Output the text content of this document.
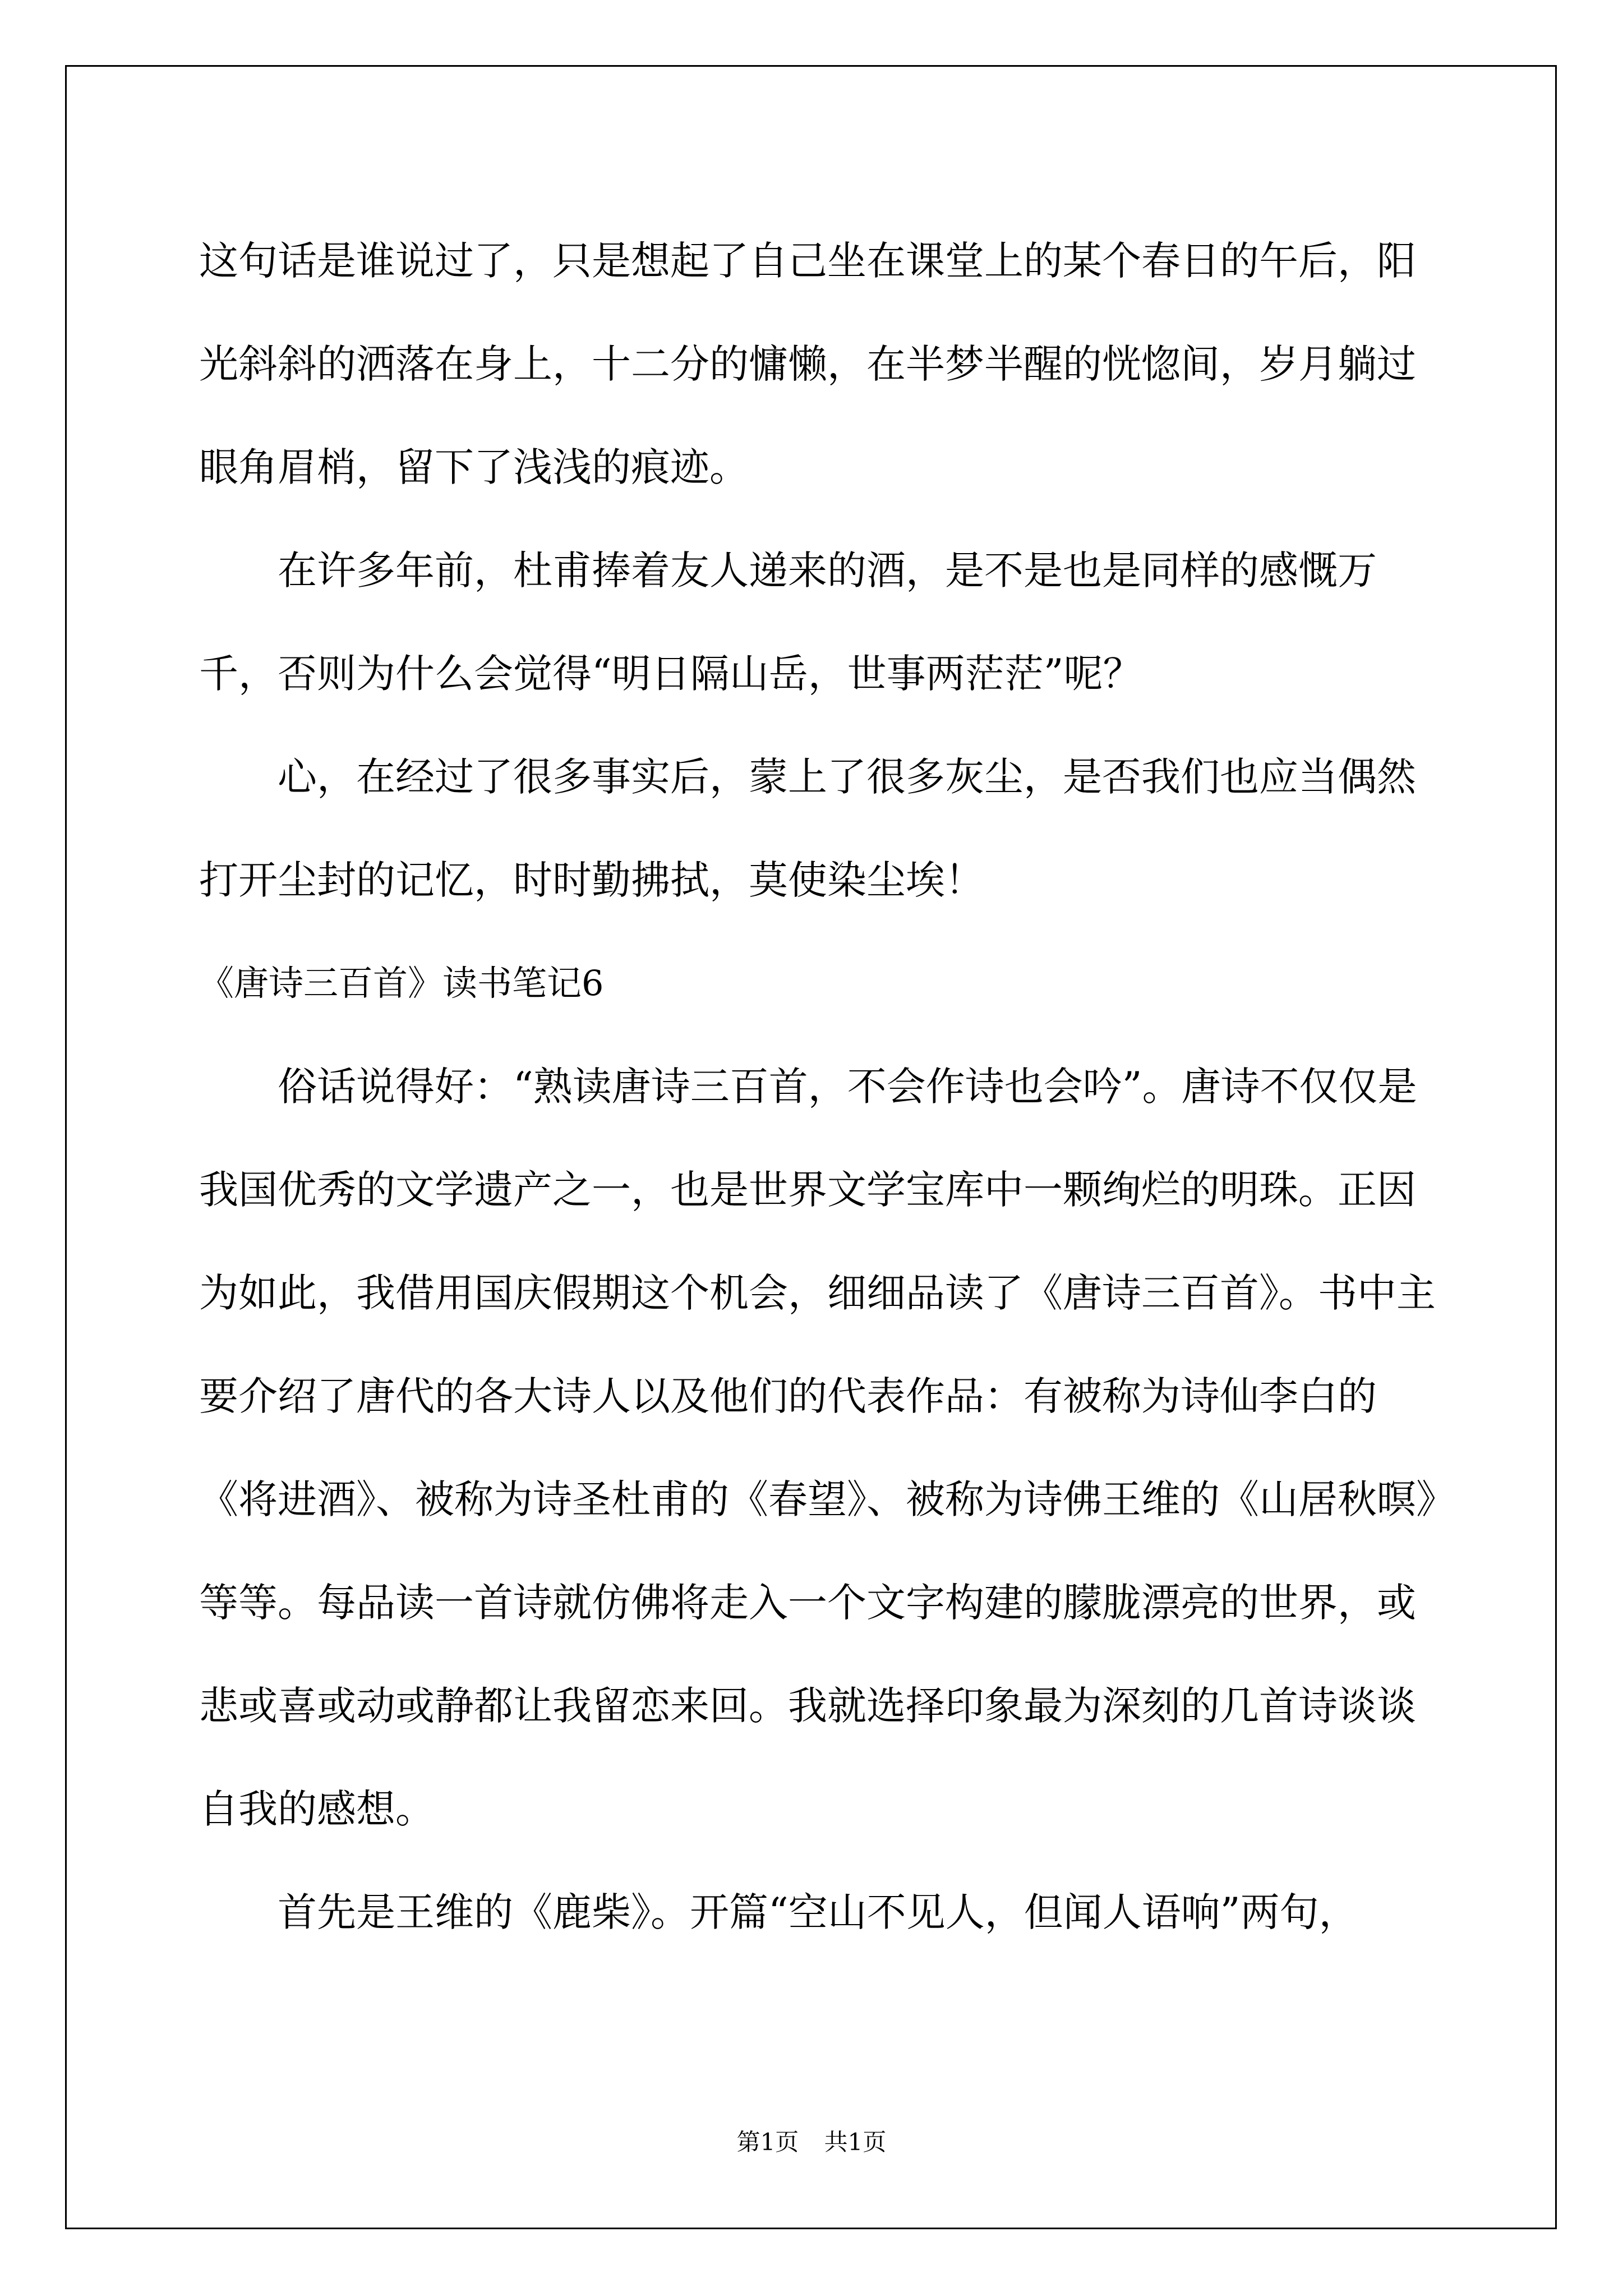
这句话是谁说过了，只是想起了自己坐在课堂上的某个春日的午后，阳光斜斜的洒落在身上，十二分的慵懒，在半梦半醒的恍惚间，岁月躺过眼角眉梢，留下了浅浅的痕迹。

在许多年前，杜甫捧着友人递来的酒，是不是也是同样的感慨万千，否则为什么会觉得“明日隔山岳，世事两茫茫”呢？

心，在经过了很多事实后，蒙上了很多灰尘，是否我们也应当偶然打开尘封的记忆，时时勤拂拭，莫使染尘埃！

《唐诗三百首》读书笔记6

俗话说得好：“熟读唐诗三百首，不会作诗也会吟”。唐诗不仅仅是我国优秀的文学遗产之一，也是世界文学宝库中一颗绚烂的明珠。正因为如此，我借用国庆假期这个机会，细细品读了《唐诗三百首》。书中主要介绍了唐代的各大诗人以及他们的代表作品：有被称为诗仙李白的《将进酒》、被称为诗圣杜甫的《春望》、被称为诗佛王维的《山居秋暝》等等。每品读一首诗就仿佛将走入一个文字构建的朦胧漂亮的世界，或悲或喜或动或静都让我留恋来回。我就选择印象最为深刻的几首诗谈谈自我的感想。

首先是王维的《鹿柴》。开篇“空山不见人，但闻人语响”两句，

第1页 共1页
